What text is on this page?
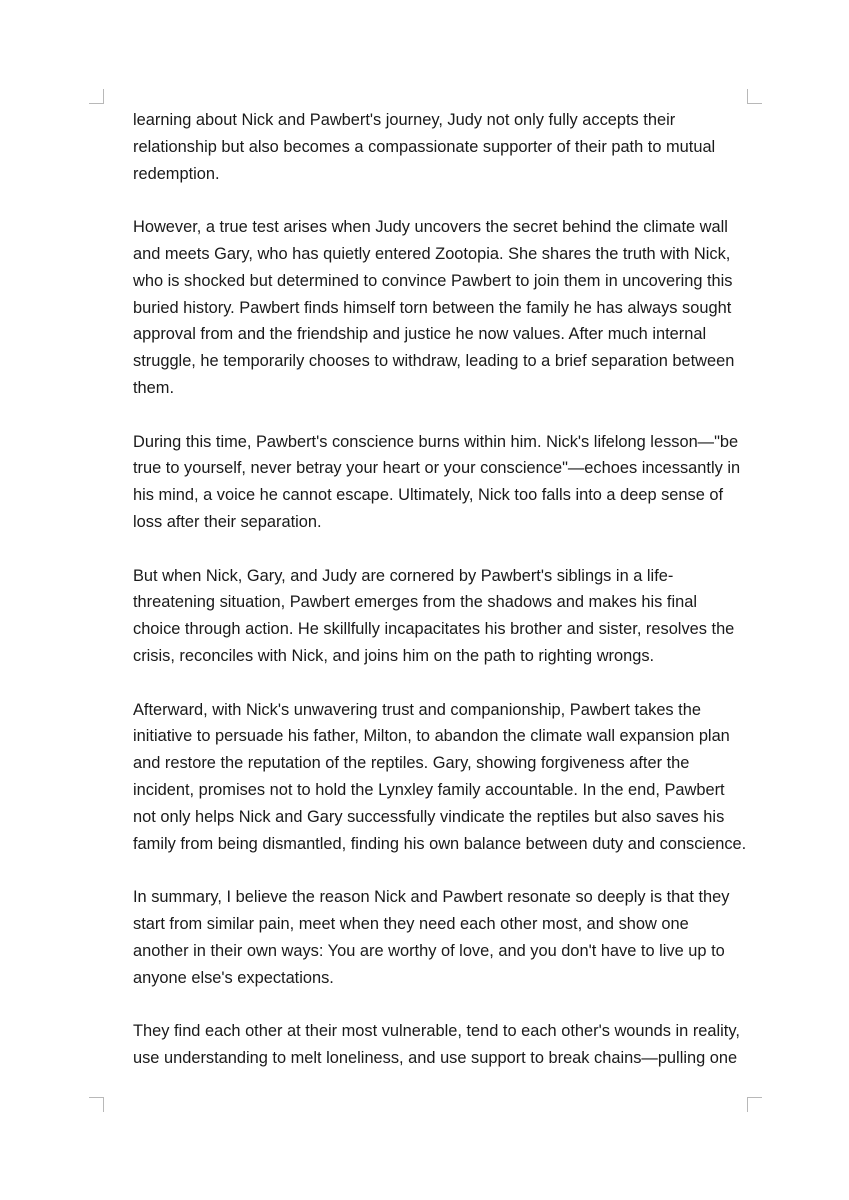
learning about Nick and Pawbert's journey, Judy not only fully accepts their relationship but also becomes a compassionate supporter of their path to mutual redemption.

However, a true test arises when Judy uncovers the secret behind the climate wall and meets Gary, who has quietly entered Zootopia. She shares the truth with Nick, who is shocked but determined to convince Pawbert to join them in uncovering this buried history. Pawbert finds himself torn between the family he has always sought approval from and the friendship and justice he now values. After much internal struggle, he temporarily chooses to withdraw, leading to a brief separation between them.

During this time, Pawbert's conscience burns within him. Nick's lifelong lesson—"be true to yourself, never betray your heart or your conscience"—echoes incessantly in his mind, a voice he cannot escape. Ultimately, Nick too falls into a deep sense of loss after their separation.

But when Nick, Gary, and Judy are cornered by Pawbert's siblings in a life-threatening situation, Pawbert emerges from the shadows and makes his final choice through action. He skillfully incapacitates his brother and sister, resolves the crisis, reconciles with Nick, and joins him on the path to righting wrongs.

Afterward, with Nick's unwavering trust and companionship, Pawbert takes the initiative to persuade his father, Milton, to abandon the climate wall expansion plan and restore the reputation of the reptiles. Gary, showing forgiveness after the incident, promises not to hold the Lynxley family accountable. In the end, Pawbert not only helps Nick and Gary successfully vindicate the reptiles but also saves his family from being dismantled, finding his own balance between duty and conscience.

In summary, I believe the reason Nick and Pawbert resonate so deeply is that they start from similar pain, meet when they need each other most, and show one another in their own ways: You are worthy of love, and you don't have to live up to anyone else's expectations.

They find each other at their most vulnerable, tend to each other's wounds in reality, use understanding to melt loneliness, and use support to break chains—pulling one
